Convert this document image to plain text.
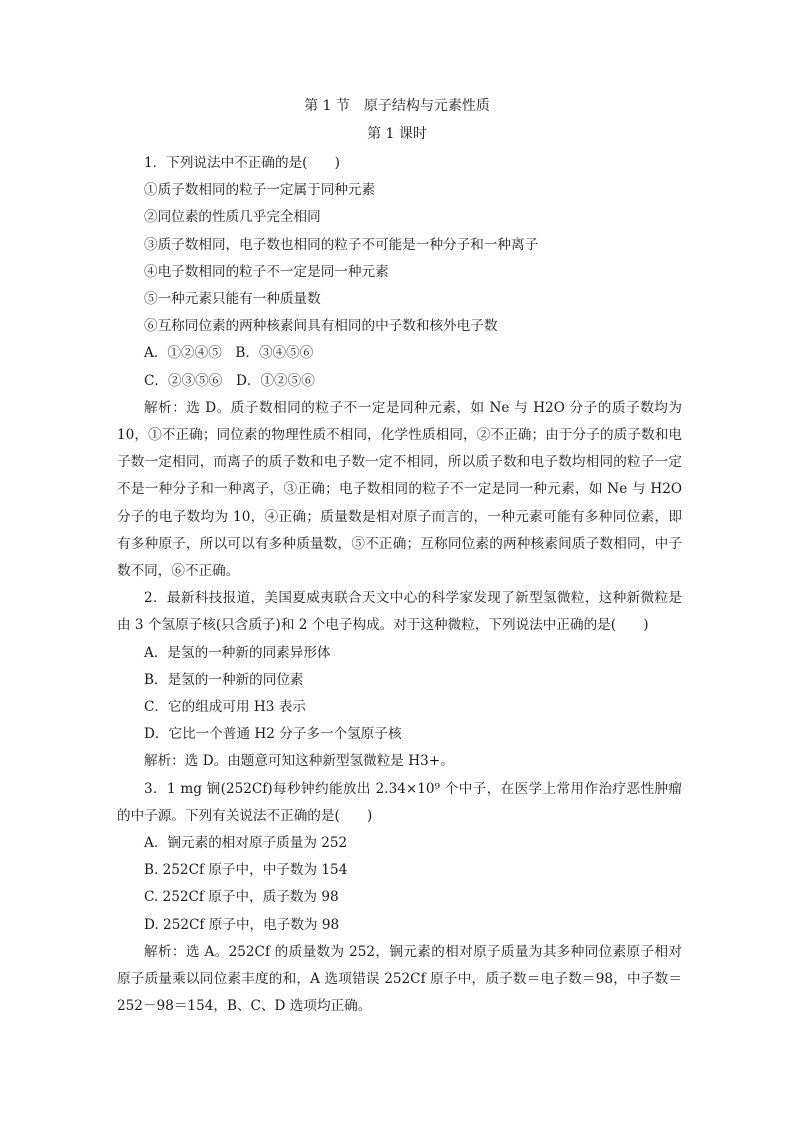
第 1 节　原子结构与元素性质
第 1 课时

1．下列说法中不正确的是(　　)

①质子数相同的粒子一定属于同种元素

②同位素的性质几乎完全相同

③质子数相同，电子数也相同的粒子不可能是一种分子和一种离子

④电子数相同的粒子不一定是同一种元素

⑤一种元素只能有一种质量数

⑥互称同位素的两种核素间具有相同的中子数和核外电子数

A．①②④⑤　B．③④⑤⑥

C．②③⑤⑥　D．①②⑤⑥

解析：选 D。质子数相同的粒子不一定是同种元素，如 Ne 与 H2O 分子的质子数均为 10，①不正确；同位素的物理性质不相同，化学性质相同，②不正确；由于分子的质子数和电子数一定相同，而离子的质子数和电子数一定不相同，所以质子数和电子数均相同的粒子一定不是一种分子和一种离子，③正确；电子数相同的粒子不一定是同一种元素，如 Ne 与 H2O 分子的电子数均为 10，④正确；质量数是相对原子而言的，一种元素可能有多种同位素，即有多种原子，所以可以有多种质量数，⑤不正确；互称同位素的两种核素间质子数相同，中子数不同，⑥不正确。

2．最新科技报道，美国夏威夷联合天文中心的科学家发现了新型氢微粒，这种新微粒是由 3 个氢原子核(只含质子)和 2 个电子构成。对于这种微粒，下列说法中正确的是(　　)

A．是氢的一种新的同素异形体

B．是氢的一种新的同位素

C．它的组成可用 H3 表示

D．它比一个普通 H2 分子多一个氢原子核

解析：选 D。由题意可知这种新型氢微粒是 H3+。

3．1 mg 锎(252Cf)每秒钟约能放出 2.34×10⁹ 个中子，在医学上常用作治疗恶性肿瘤的中子源。下列有关说法不正确的是(　　)

A．锎元素的相对原子质量为 252

B. 252Cf 原子中，中子数为 154

C. 252Cf 原子中，质子数为 98

D. 252Cf 原子中，电子数为 98

解析：选 A。252Cf 的质量数为 252，锎元素的相对原子质量为其多种同位素原子相对原子质量乘以同位素丰度的和，A 选项错误 252Cf 原子中，质子数＝电子数＝98，中子数＝252－98＝154，B、C、D 选项均正确。
